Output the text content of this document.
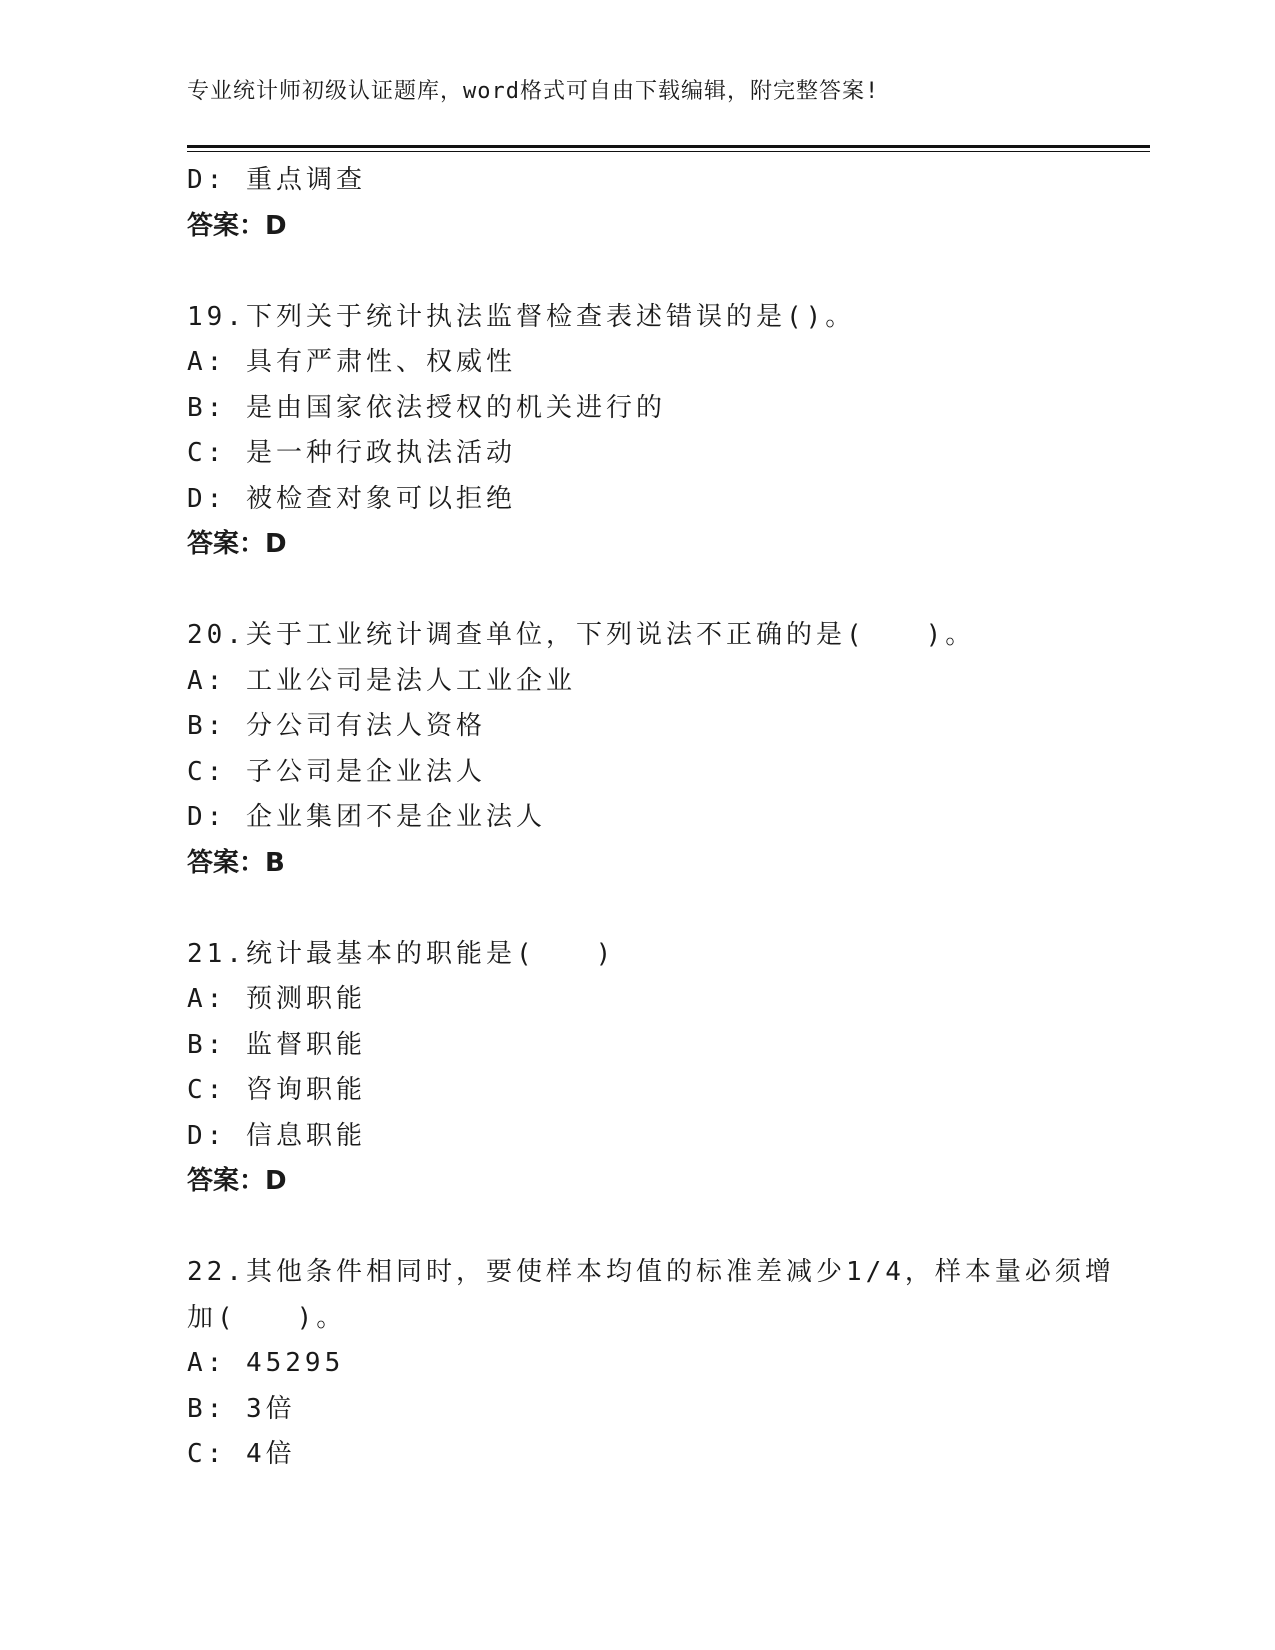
专业统计师初级认证题库，word格式可自由下载编辑，附完整答案!
D: 重点调查
答案：D
19.下列关于统计执法监督检查表述错误的是()。
A: 具有严肃性、权威性
B: 是由国家依法授权的机关进行的
C: 是一种行政执法活动
D: 被检查对象可以拒绝
答案：D
20.关于工业统计调查单位，下列说法不正确的是(　　)。
A: 工业公司是法人工业企业
B: 分公司有法人资格
C: 子公司是企业法人
D: 企业集团不是企业法人
答案：B
21.统计最基本的职能是(　　)
A: 预测职能
B: 监督职能
C: 咨询职能
D: 信息职能
答案：D
22.其他条件相同时，要使样本均值的标准差减少1/4，样本量必须增
加(　　)。
A: 45295
B: 3倍
C: 4倍
